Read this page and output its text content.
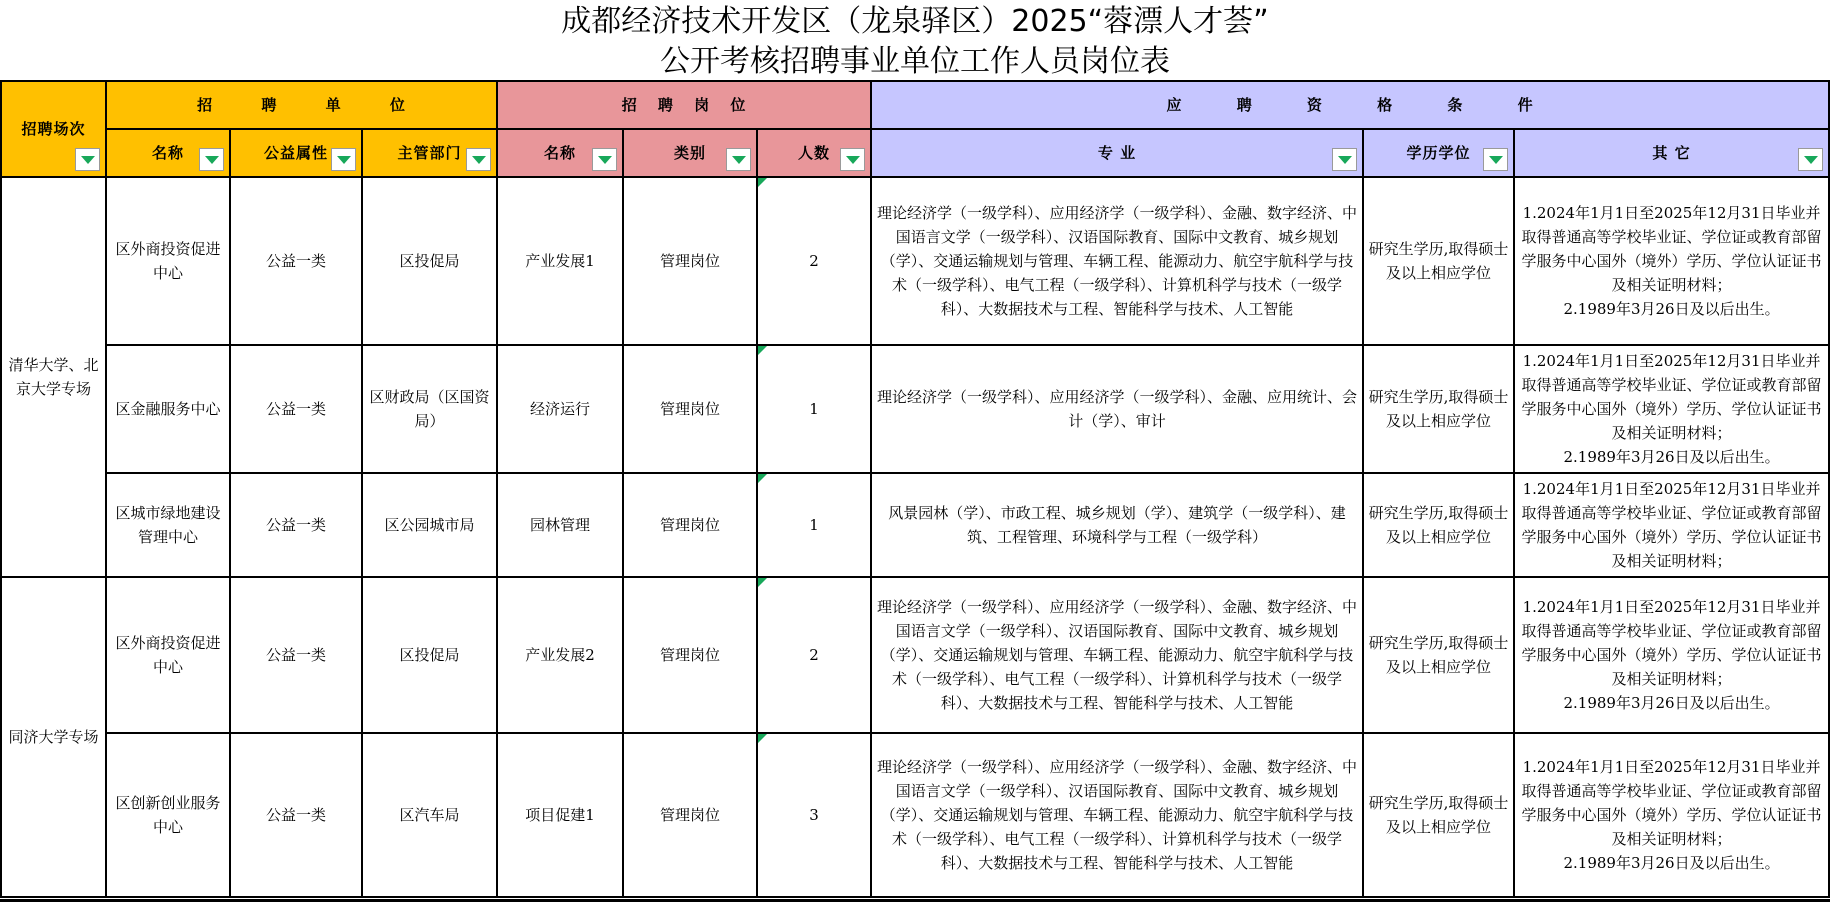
成都经济技术开发区（龙泉驿区）2025“蓉漂人才荟”
公开考核招聘事业单位工作人员岗位表
招聘场次	招 聘 单 位			招 聘 岗 位			应 聘 资 格 条 件		
	名称	公益属性	主管部门	名称	类别	人数	专 业	学历学位	其 它

清华大学、北京大学专场	区外商投资促进中心	公益一类	区投促局	产业发展1	管理岗位	2	理论经济学（一级学科）、应用经济学（一级学科）、金融、数字经济、中国语言文学（一级学科）、汉语国际教育、国际中文教育、城乡规划（学）、交通运输规划与管理、车辆工程、能源动力、航空宇航科学与技术（一级学科）、电气工程（一级学科）、计算机科学与技术（一级学科）、大数据技术与工程、智能科学与技术、人工智能	研究生学历,取得硕士及以上相应学位	1.2024年1月1日至2025年12月31日毕业并取得普通高等学校毕业证、学位证或教育部留学服务中心国外（境外）学历、学位认证证书及相关证明材料；
2.1989年3月26日及以后出生。

	区金融服务中心	公益一类	区财政局（区国资局）	经济运行	管理岗位	1	理论经济学（一级学科）、应用经济学（一级学科）、金融、应用统计、会计（学）、审计	研究生学历,取得硕士及以上相应学位	1.2024年1月1日至2025年12月31日毕业并取得普通高等学校毕业证、学位证或教育部留学服务中心国外（境外）学历、学位认证证书及相关证明材料；
2.1989年3月26日及以后出生。

	区城市绿地建设管理中心	公益一类	区公园城市局	园林管理	管理岗位	1	风景园林（学）、市政工程、城乡规划（学）、建筑学（一级学科）、建筑、工程管理、环境科学与工程（一级学科）	研究生学历,取得硕士及以上相应学位	1.2024年1月1日至2025年12月31日毕业并取得普通高等学校毕业证、学位证或教育部留学服务中心国外（境外）学历、学位认证证书及相关证明材料；

同济大学专场	区外商投资促进中心	公益一类	区投促局	产业发展2	管理岗位	2	理论经济学（一级学科）、应用经济学（一级学科）、金融、数字经济、中国语言文学（一级学科）、汉语国际教育、国际中文教育、城乡规划（学）、交通运输规划与管理、车辆工程、能源动力、航空宇航科学与技术（一级学科）、电气工程（一级学科）、计算机科学与技术（一级学科）、大数据技术与工程、智能科学与技术、人工智能	研究生学历,取得硕士及以上相应学位	1.2024年1月1日至2025年12月31日毕业并取得普通高等学校毕业证、学位证或教育部留学服务中心国外（境外）学历、学位认证证书及相关证明材料；
2.1989年3月26日及以后出生。

	区创新创业服务中心	公益一类	区汽车局	项目促建1	管理岗位	3	理论经济学（一级学科）、应用经济学（一级学科）、金融、数字经济、中国语言文学（一级学科）、汉语国际教育、国际中文教育、城乡规划（学）、交通运输规划与管理、车辆工程、能源动力、航空宇航科学与技术（一级学科）、电气工程（一级学科）、计算机科学与技术（一级学科）、大数据技术与工程、智能科学与技术、人工智能	研究生学历,取得硕士及以上相应学位	1.2024年1月1日至2025年12月31日毕业并取得普通高等学校毕业证、学位证或教育部留学服务中心国外（境外）学历、学位认证证书及相关证明材料；
2.1989年3月26日及以后出生。
